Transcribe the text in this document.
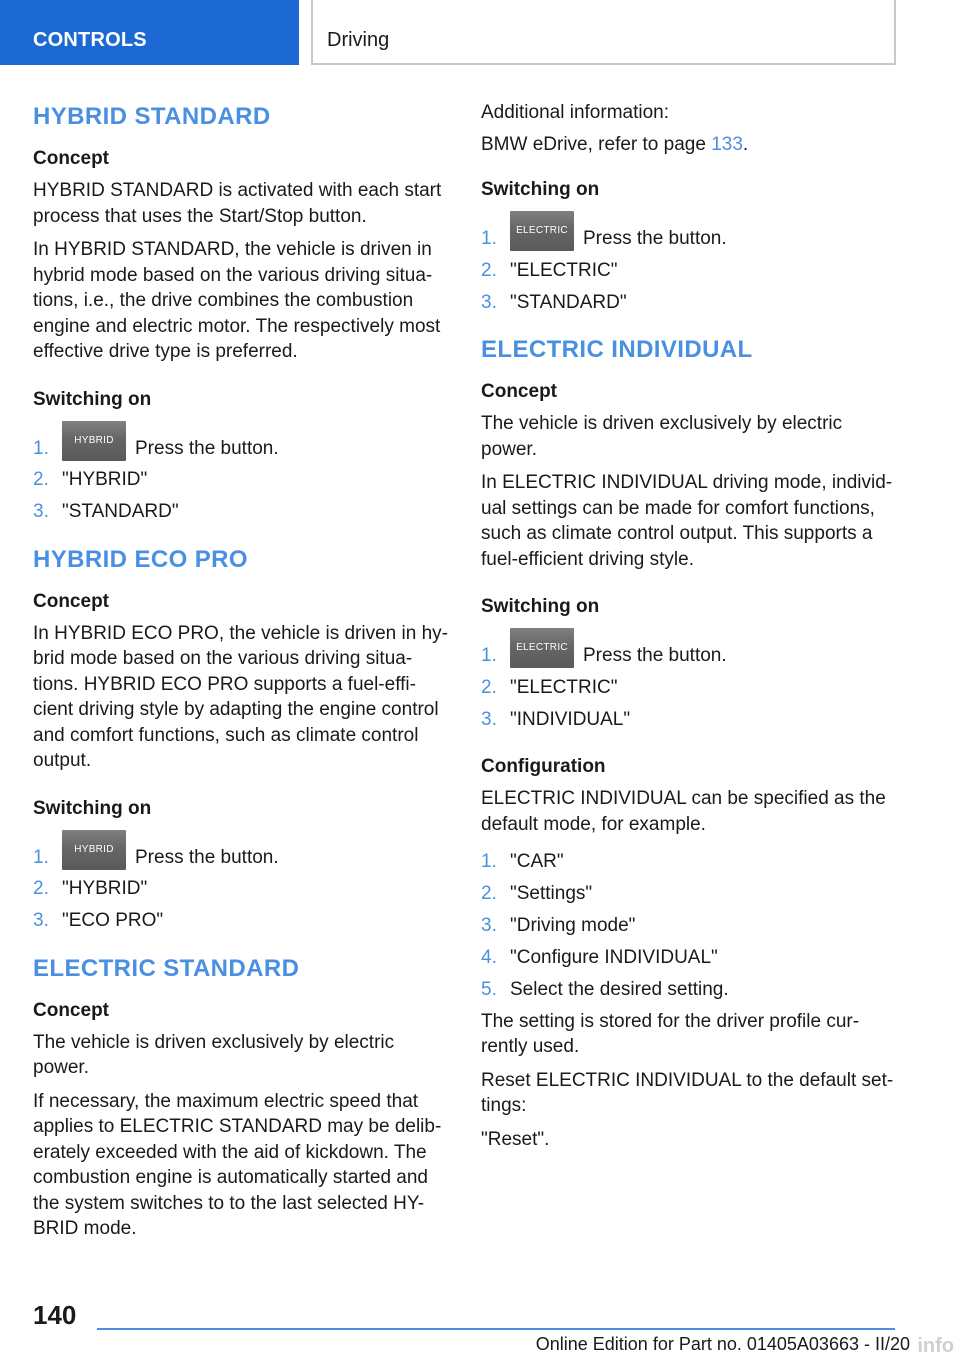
CONTROLS	Driving
HYBRID STANDARD
Concept

HYBRID STANDARD is activated with each start process that uses the Start/Stop button.

In HYBRID STANDARD, the vehicle is driven in hybrid mode based on the various driving situa-tions, i.e., the drive combines the combustion engine and electric motor. The respectively most effective drive type is preferred.

Switching on
1.	HYBRID	Press the button.
2. "HYBRID"
3. "STANDARD"
HYBRID ECO PRO
Concept

In HYBRID ECO PRO, the vehicle is driven in hy-brid mode based on the various driving situa-tions. HYBRID ECO PRO supports a fuel-effi-cient driving style by adapting the engine control and comfort functions, such as climate control output.

Switching on
1.	HYBRID	Press the button.
2. "HYBRID"
3. "ECO PRO"
ELECTRIC STANDARD
Concept

The vehicle is driven exclusively by electric power.

If necessary, the maximum electric speed that applies to ELECTRIC STANDARD may be delib-erately exceeded with the aid of kickdown. The combustion engine is automatically started and the system switches to to the last selected HY-BRID mode.

Additional information:

BMW eDrive, refer to page 133.

Switching on
1.	ELECTRIC Press the button.
2. "ELECTRIC"
3. "STANDARD"
ELECTRIC INDIVIDUAL
Concept

The vehicle is driven exclusively by electric power.

In ELECTRIC INDIVIDUAL driving mode, individ-ual settings can be made for comfort functions, such as climate control output. This supports a fuel-efficient driving style.

Switching on
1.	ELECTRIC Press the button.
2. "ELECTRIC"
3. "INDIVIDUAL"
Configuration

ELECTRIC INDIVIDUAL can be specified as the default mode, for example.

1. "CAR"
2. "Settings"
3. "Driving mode"
4. "Configure INDIVIDUAL"
5. Select the desired setting.

The setting is stored for the driver profile cur-rently used.

Reset ELECTRIC INDIVIDUAL to the default set-tings:

"Reset".

140
Online Edition for Part no. 01405A03663 - II/20 info
